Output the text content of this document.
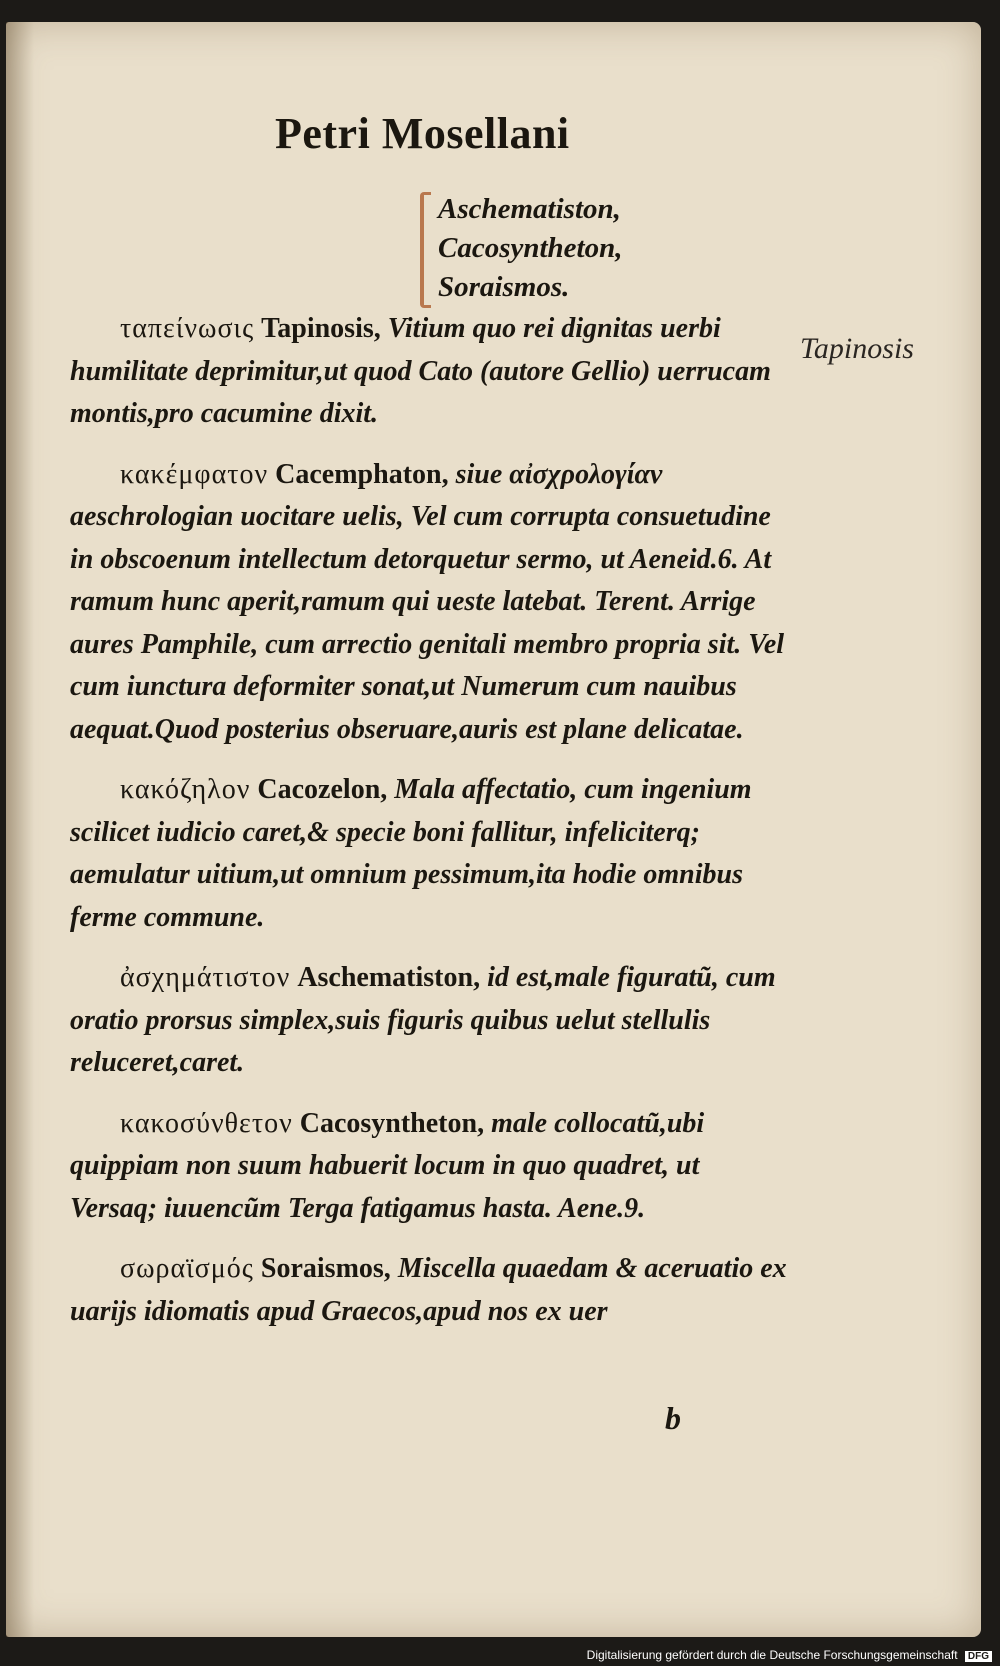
Petri Mosellani
Aschematiston,
Cacosyntheton,
Soraismos.
Tapinosis

ταπείνωσις Tapinosis, Vitium quo rei dignitas uerbi humilitate deprimitur,ut quod Cato (autore Gellio) uerrucam montis,pro cacumine dixit.

κακέμφατον Cacemphaton, siue αἰσχρολογίαν aeschrologian uocitare uelis, Vel cum corrupta consuetudine in obscoenum intellectum detorquetur sermo, ut Aeneid.6. At ramum hunc aperit,ramum qui ueste latebat. Terent. Arrige aures Pamphile, cum arrectio genitali membro propria sit. Vel cum iunctura deformiter sonat,ut Numerum cum nauibus aequat.Quod posterius obseruare,auris est plane delicatae.

κακόζηλον Cacozelon, Mala affectatio, cum ingenium scilicet iudicio caret,& specie boni fallitur, infeliciterq; aemulatur uitium,ut omnium pessimum,ita hodie omnibus ferme commune.

ἀσχημάτιστον Aschematiston, id est,male figuratũ, cum oratio prorsus simplex,suis figuris quibus uelut stellulis reluceret,caret.

κακοσύνθετον Cacosyntheton, male collocatũ,ubi quippiam non suum habuerit locum in quo quadret, ut Versaq; iuuencũm Terga fatigamus hasta. Aene.9.

σωραϊσμός Soraismos, Miscella quaedam & aceruatio ex uarijs idiomatis apud Graecos,apud nos ex uer

b
Digitalisierung gefördert durch die Deutsche Forschungsgemeinschaft DFG
